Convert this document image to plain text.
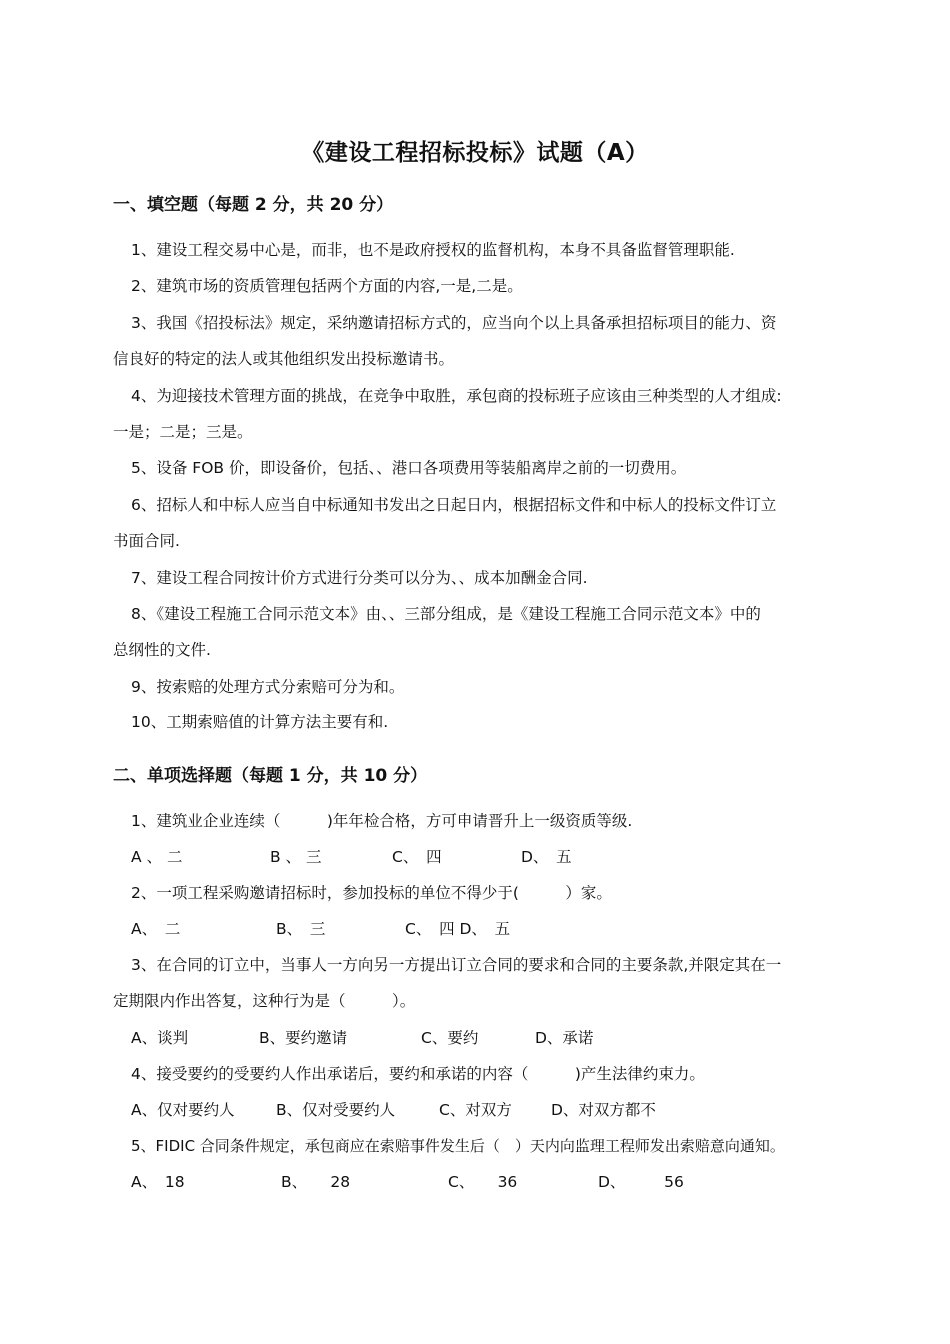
《建设工程招标投标》试题（A）
一、填空题（每题 2 分，共 20 分）
1、建设工程交易中心是，而非，也不是政府授权的监督机构，本身不具备监督管理职能.
2、建筑市场的资质管理包括两个方面的内容,一是,二是。
3、我国《招投标法》规定，采纳邀请招标方式的，应当向个以上具备承担招标项目的能力、资
信良好的特定的法人或其他组织发出投标邀请书。
4、为迎接技术管理方面的挑战，在竞争中取胜，承包商的投标班子应该由三种类型的人才组成:
一是；二是；三是。
5、设备 FOB 价，即设备价，包括、、港口各项费用等装船离岸之前的一切费用。
6、招标人和中标人应当自中标通知书发出之日起日内，根据招标文件和中标人的投标文件订立
书面合同.
7、建设工程合同按计价方式进行分类可以分为、、成本加酬金合同.
8、《建设工程施工合同示范文本》由、、三部分组成，是《建设工程施工合同示范文本》中的
总纲性的文件.
9、按索赔的处理方式分索赔可分为和。
10、工期索赔值的计算方法主要有和.
二、单项选择题（每题 1 分，共 10 分）
1、建筑业企业连续（　　　)年年检合格，方可申请晋升上一级资质等级.
A 、 二	B 、 三	C、　四	D、　五
2、一项工程采购邀请招标时，参加投标的单位不得少于(　　　）家。
A、　二	B、　三	C、　四 D、　五
3、在合同的订立中，当事人一方向另一方提出订立合同的要求和合同的主要条款,并限定其在一
定期限内作出答复，这种行为是（　　　）。
A、谈判	B、要约邀请	C、要约	D、承诺
4、接受要约的受要约人作出承诺后，要约和承诺的内容（　　　)产生法律约束力。
A、仅对要约人	B、仅对受要约人	C、对双方	D、对双方都不
5、FIDIC 合同条件规定，承包商应在索赔事件发生后（　）天内向监理工程师发出索赔意向通知。
A、　18	B、　　28	C、　　36	D、　　　56
